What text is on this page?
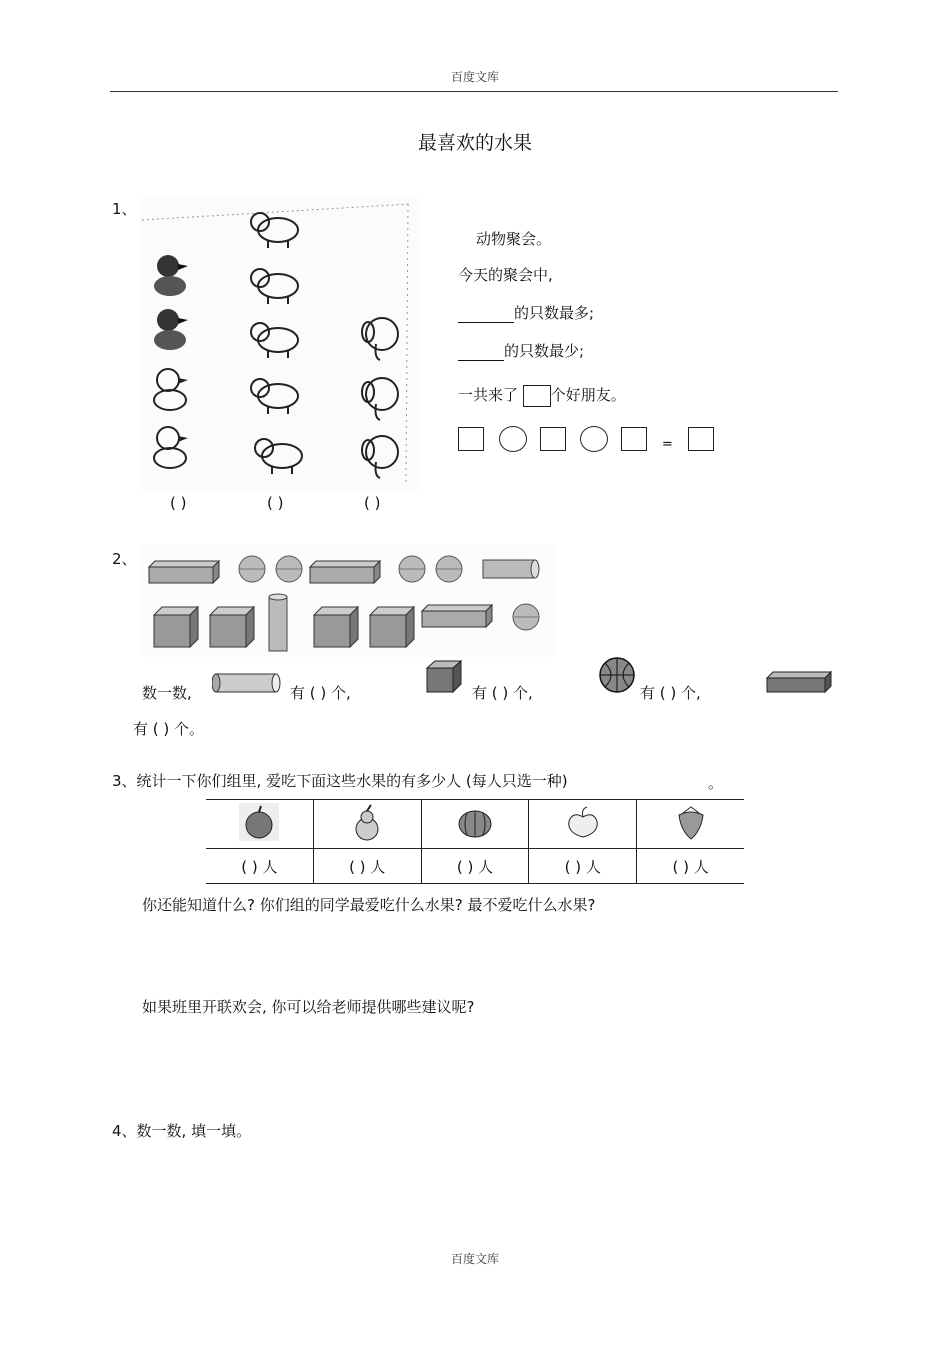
百度文库
最喜欢的水果
1、
( )	( )	( )
动物聚会。
今天的聚会中,
的只数最多;
的只数最少;
一共来了 个好朋友。
=
2、
数一数,	有 ( ) 个,	有 ( ) 个,	有 ( ) 个,
有 ( ) 个。
3、统计一下你们组里, 爱吃下面这些水果的有多少人 (每人只选一种)	。

( ) 人	( ) 人	( ) 人	( ) 人	( ) 人
你还能知道什么? 你们组的同学最爱吃什么水果? 最不爱吃什么水果?
如果班里开联欢会, 你可以给老师提供哪些建议呢?
4、数一数, 填一填。
百度文库
